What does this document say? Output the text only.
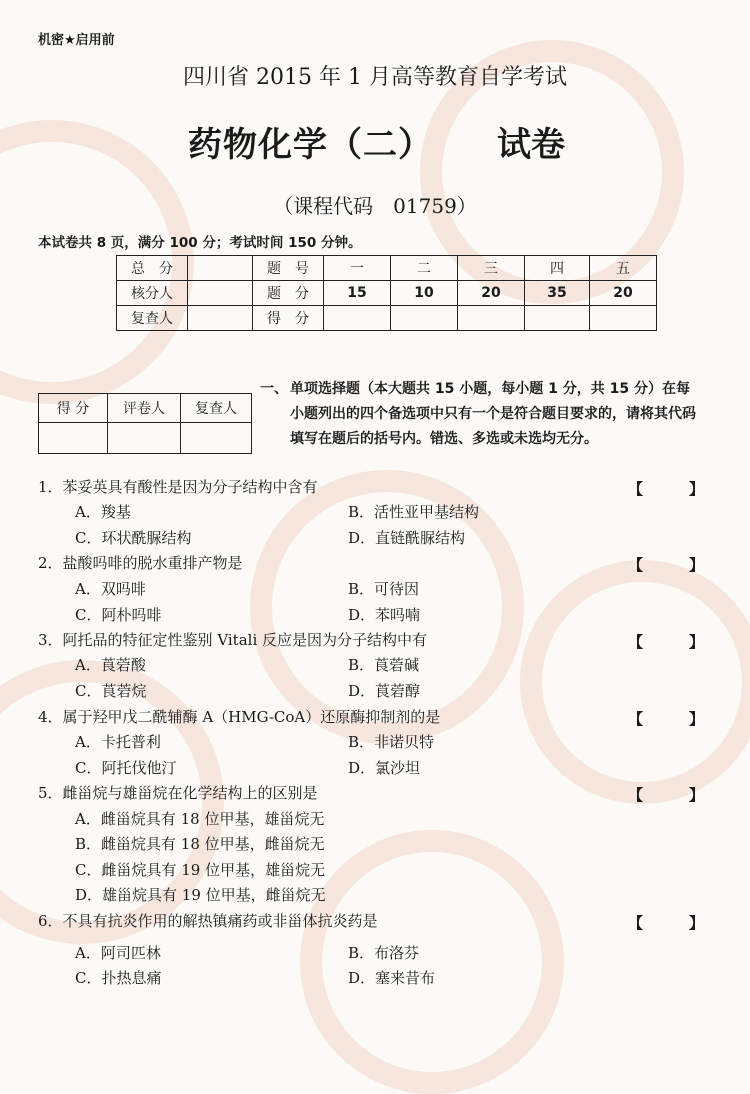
机密★启用前
四川省 2015 年 1 月高等教育自学考试
药物化学（二） 试卷
（课程代码　01759）
本试卷共 8 页，满分 100 分；考试时间 150 分钟。
总　分		题　号	一	二	三	四	五
核分人		题　分	15	10	20	35	20
复查人		得　分					
得 分	评卷人	复查人

一、 单项选择题（本大题共 15 小题，每小题 1 分，共 15 分）在每小题列出的四个备选项中只有一个是符合题目要求的，请将其代码填写在题后的括号内。错选、多选或未选均无分。
1．苯妥英具有酸性是因为分子结构中含有	【	】
A．羧基	B．活性亚甲基结构
C．环状酰脲结构	D．直链酰脲结构
2．盐酸吗啡的脱水重排产物是	【	】
A．双吗啡	B．可待因
C．阿朴吗啡	D．苯吗喃
3．阿托品的特征定性鉴别 Vitali 反应是因为分子结构中有	【	】
A．莨菪酸	B．莨菪碱
C．莨菪烷	D．莨菪醇
4．属于羟甲戊二酰辅酶 A（HMG-CoA）还原酶抑制剂的是	【	】
A．卡托普利	B．非诺贝特
C．阿托伐他汀	D．氯沙坦
5．雌甾烷与雄甾烷在化学结构上的区别是	【	】
A．雌甾烷具有 18 位甲基，雄甾烷无
B．雌甾烷具有 18 位甲基，雌甾烷无
C．雌甾烷具有 19 位甲基，雄甾烷无
D．雄甾烷具有 19 位甲基，雌甾烷无
6．不具有抗炎作用的解热镇痛药或非甾体抗炎药是	【	】
A．阿司匹林	B．布洛芬
C．扑热息痛	D．塞来昔布
